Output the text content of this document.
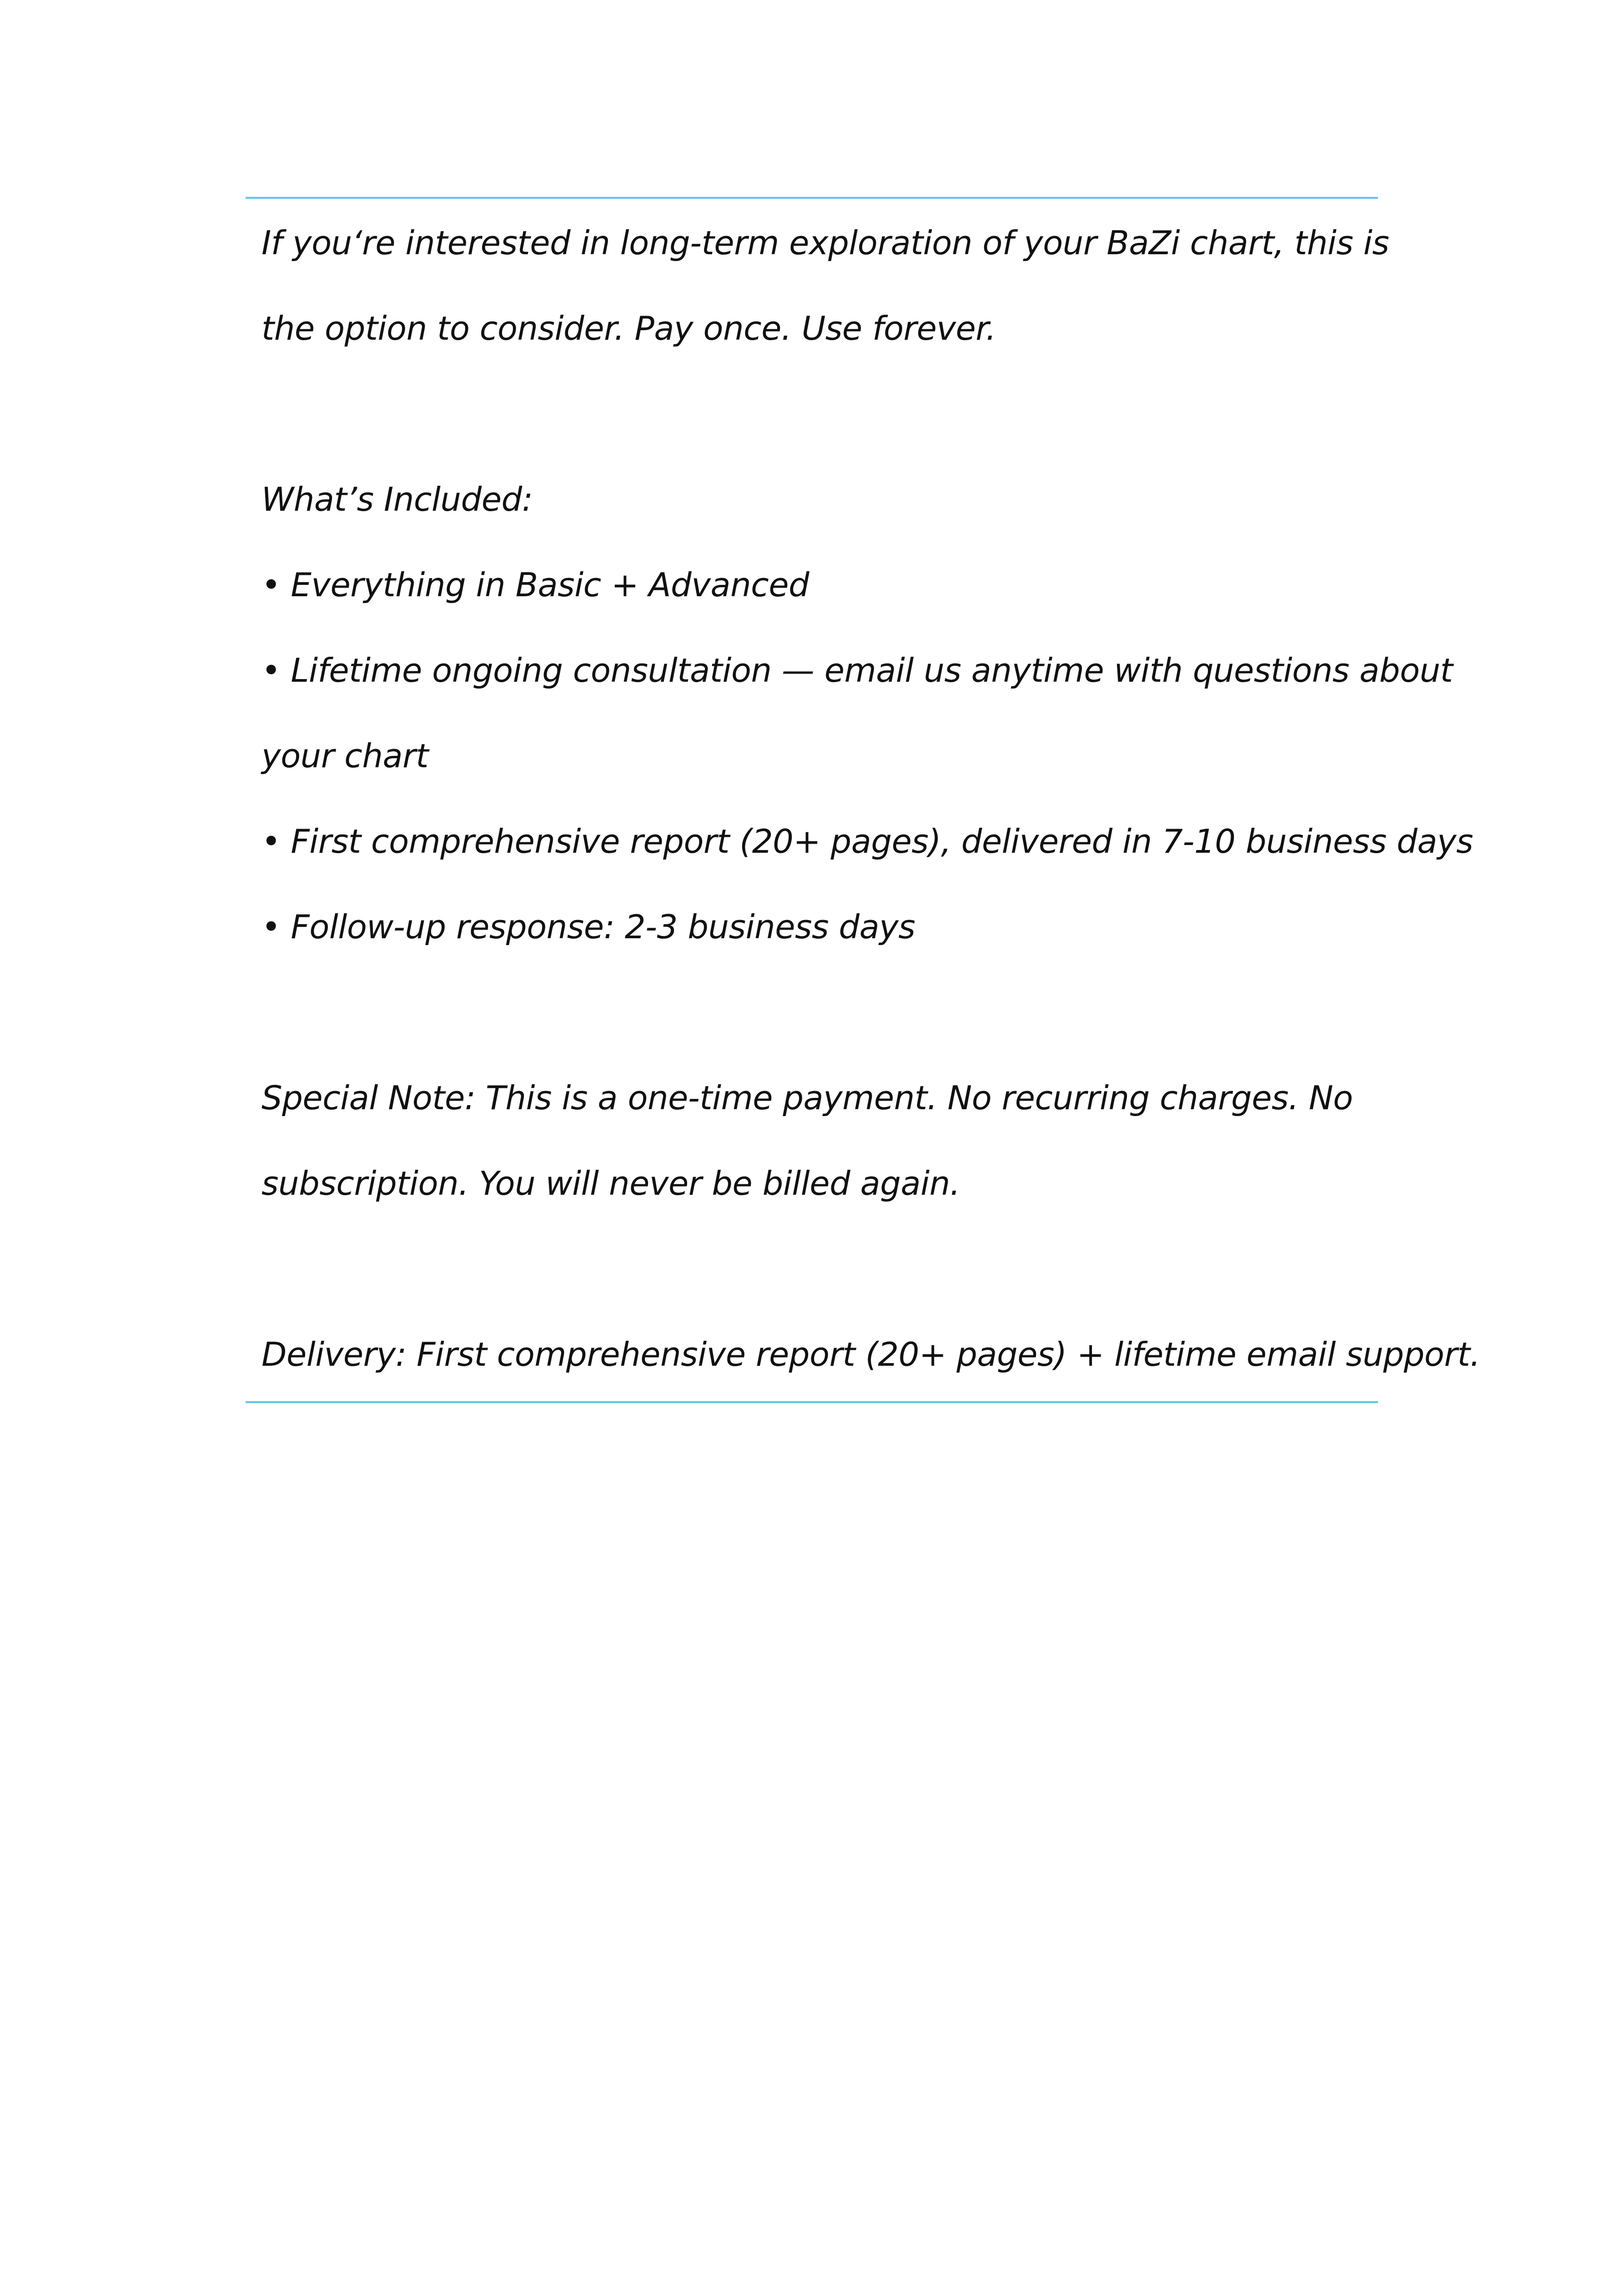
If you‘re interested in long-term exploration of your BaZi chart, this is
the option to consider. Pay once. Use forever.
What’s Included:
• Everything in Basic + Advanced
• Lifetime ongoing consultation — email us anytime with questions about
your chart
• First comprehensive report (20+ pages), delivered in 7-10 business days
• Follow-up response: 2-3 business days
Special Note: This is a one-time payment. No recurring charges. No
subscription. You will never be billed again.
Delivery: First comprehensive report (20+ pages) + lifetime email support.
